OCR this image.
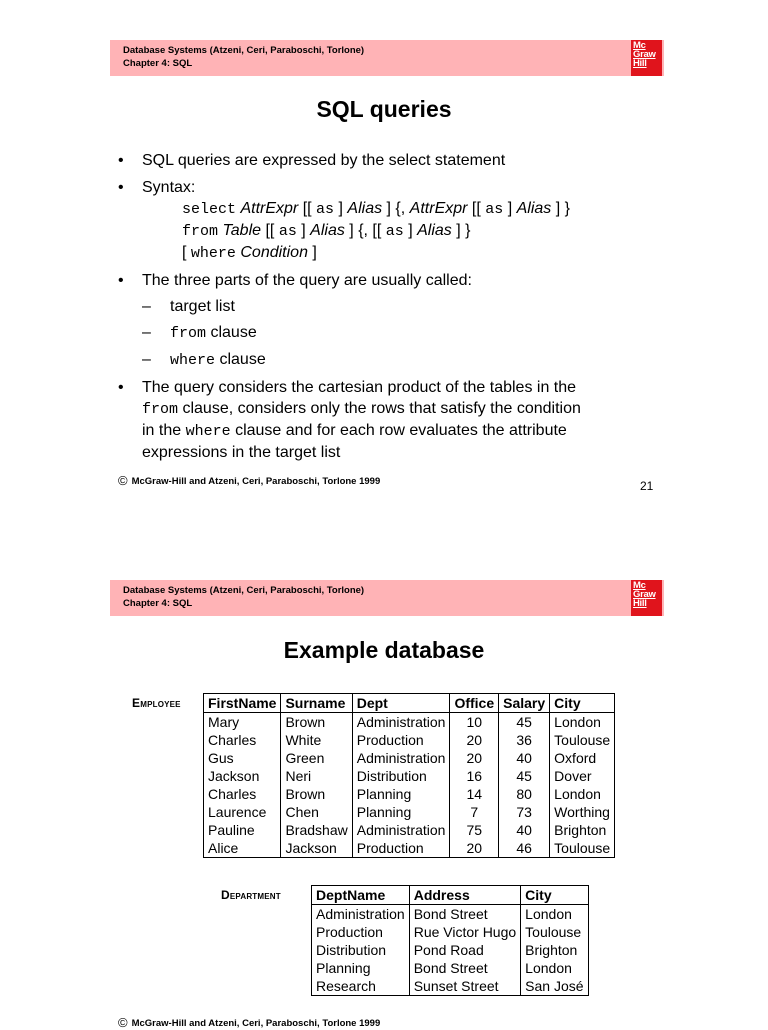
Database Systems (Atzeni, Ceri, Paraboschi, Torlone)
Chapter 4: SQL
Mc
Graw
Hill
SQL queries
• SQL queries are expressed by the select statement
• Syntax:
select AttrExpr [[ as ] Alias ] {, AttrExpr [[ as ] Alias ] }
from Table [[ as ] Alias ] {, [[ as ] Alias ] }
[ where Condition ]
• The three parts of the query are usually called:
– target list
– from clause
– where clause
• The query considers the cartesian product of the tables in the
from clause, considers only the rows that satisfy the condition
in the where clause and for each row evaluates the attribute
expressions in the target list
© McGraw-Hill and Atzeni, Ceri, Paraboschi, Torlone 1999	21
Database Systems (Atzeni, Ceri, Paraboschi, Torlone)
Chapter 4: SQL
Mc
Graw
Hill
Example database
Employee FirstName	Surname	Dept	Office	Salary	City
Mary	Brown	Administration	10	45	London
Charles	White	Production	20	36	Toulouse
Gus	Green	Administration	20	40	Oxford
Jackson	Neri	Distribution	16	45	Dover
Charles	Brown	Planning	14	80	London
Laurence	Chen	Planning	7	73	Worthing
Pauline	Bradshaw	Administration	75	40	Brighton
Alice	Jackson	Production	20	46	Toulouse
Department	DeptName	Address	City
Administration	Bond Street	London
Production	Rue Victor Hugo	Toulouse
Distribution	Pond Road	Brighton
Planning	Bond Street	London
Research	Sunset Street	San José
© McGraw-Hill and Atzeni, Ceri, Paraboschi, Torlone 1999
